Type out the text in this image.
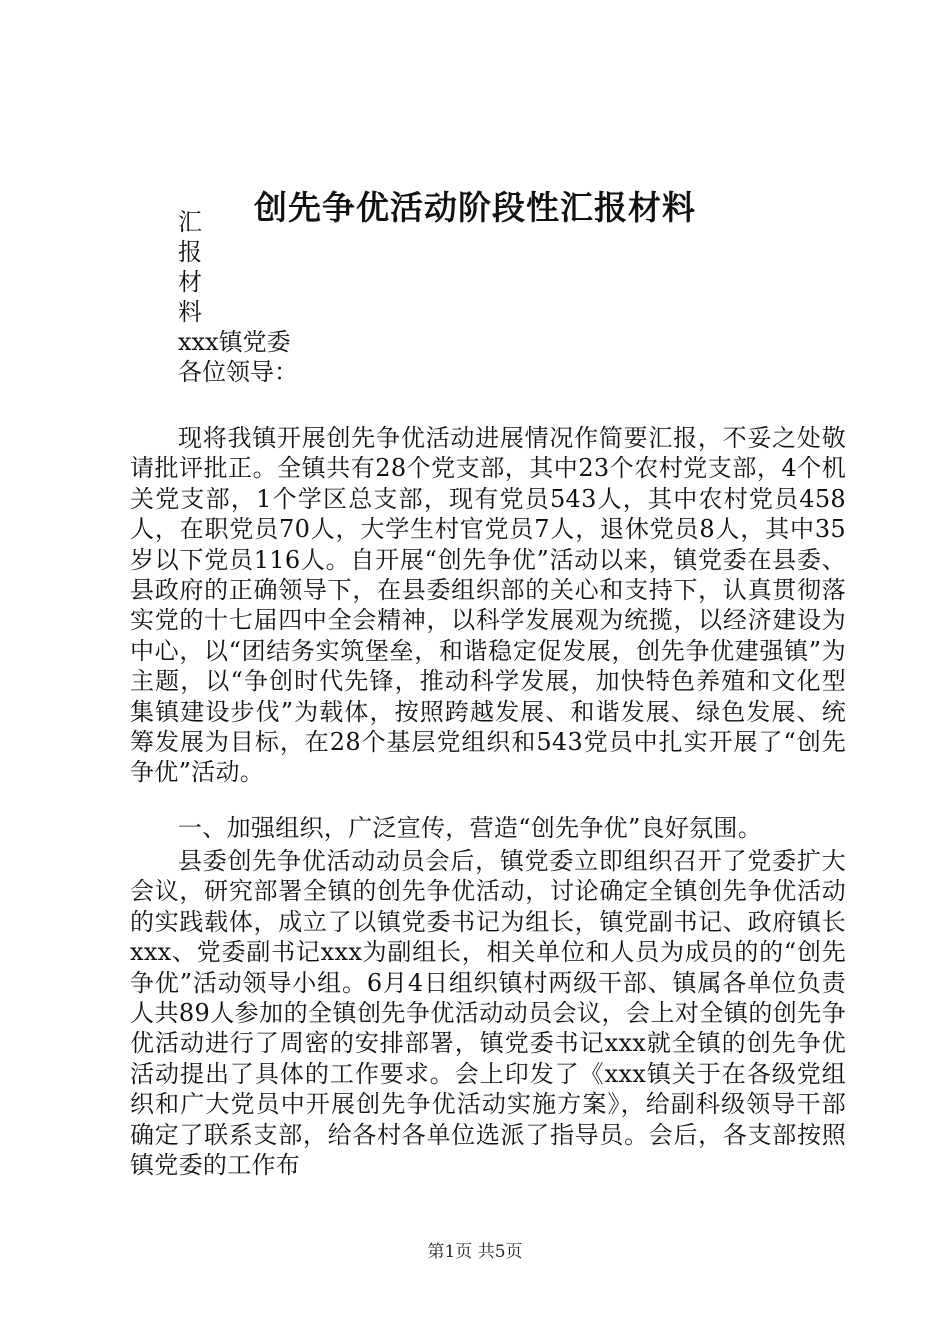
创先争优活动阶段性汇报材料
汇
报
材
料
xxx镇党委
各位领导：

现将我镇开展创先争优活动进展情况作简要汇报，不妥之处敬请批评批正。全镇共有28个党支部，其中23个农村党支部，4个机关党支部，1个学区总支部，现有党员543人，其中农村党员458人，在职党员70人，大学生村官党员7人，退休党员8人，其中35岁以下党员116人。自开展“创先争优”活动以来，镇党委在县委、县政府的正确领导下，在县委组织部的关心和支持下，认真贯彻落实党的十七届四中全会精神，以科学发展观为统揽，以经济建设为中心，以“团结务实筑堡垒，和谐稳定促发展，创先争优建强镇”为主题，以“争创时代先锋，推动科学发展，加快特色养殖和文化型集镇建设步伐”为载体，按照跨越发展、和谐发展、绿色发展、统筹发展为目标，在28个基层党组织和543党员中扎实开展了“创先争优”活动。

一、加强组织，广泛宣传，营造“创先争优”良好氛围。

县委创先争优活动动员会后，镇党委立即组织召开了党委扩大会议，研究部署全镇的创先争优活动，讨论确定全镇创先争优活动的实践载体，成立了以镇党委书记为组长，镇党副书记、政府镇长xxx、党委副书记xxx为副组长，相关单位和人员为成员的的“创先争优”活动领导小组。6月4日组织镇村两级干部、镇属各单位负责人共89人参加的全镇创先争优活动动员会议，会上对全镇的创先争优活动进行了周密的安排部署，镇党委书记xxx就全镇的创先争优活动提出了具体的工作要求。会上印发了《xxx镇关于在各级党组织和广大党员中开展创先争优活动实施方案》，给副科级领导干部确定了联系支部，给各村各单位选派了指导员。会后，各支部按照镇党委的工作布

第1页 共5页
